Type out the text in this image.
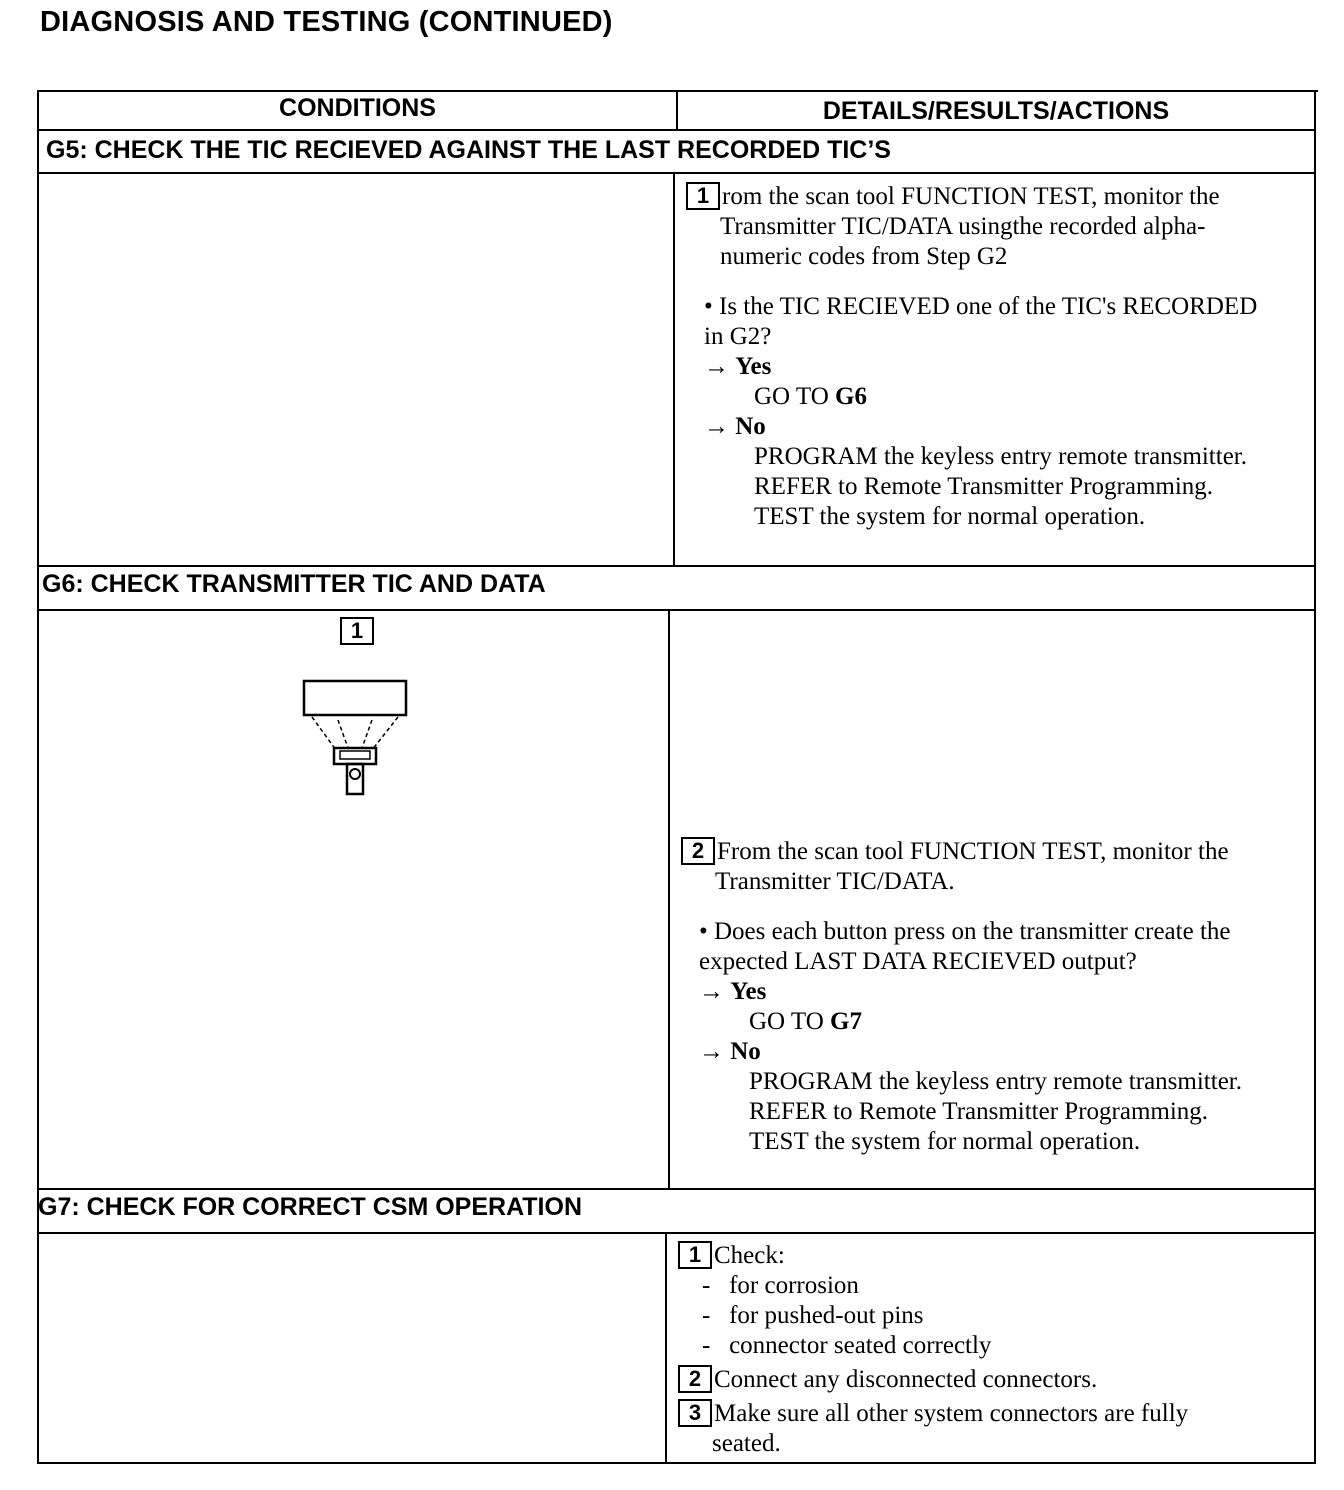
DIAGNOSIS AND TESTING (CONTINUED)
CONDITIONS	DETAILS/RESULTS/ACTIONS
G5: CHECK THE TIC RECIEVED AGAINST THE LAST RECORDED TIC’S
G6: CHECK TRANSMITTER TIC AND DATA
G7: CHECK FOR CORRECT CSM OPERATION
1 rom the scan tool FUNCTION TEST, monitor the
Transmitter TIC/DATA usingthe recorded alpha-
numeric codes from Step G2
• Is the TIC RECIEVED one of the TIC's RECORDED
in G2?
→ Yes
GO TO G6
→ No
PROGRAM the keyless entry remote transmitter.
REFER to Remote Transmitter Programming.
TEST the system for normal operation.
1
2 From the scan tool FUNCTION TEST, monitor the
Transmitter TIC/DATA.
• Does each button press on the transmitter create the
expected LAST DATA RECIEVED output?
→ Yes
GO TO G7
→ No
PROGRAM the keyless entry remote transmitter.
REFER to Remote Transmitter Programming.
TEST the system for normal operation.
1 Check:
- for corrosion
- for pushed-out pins
- connector seated correctly
2 Connect any disconnected connectors.
3 Make sure all other system connectors are fully
seated.
